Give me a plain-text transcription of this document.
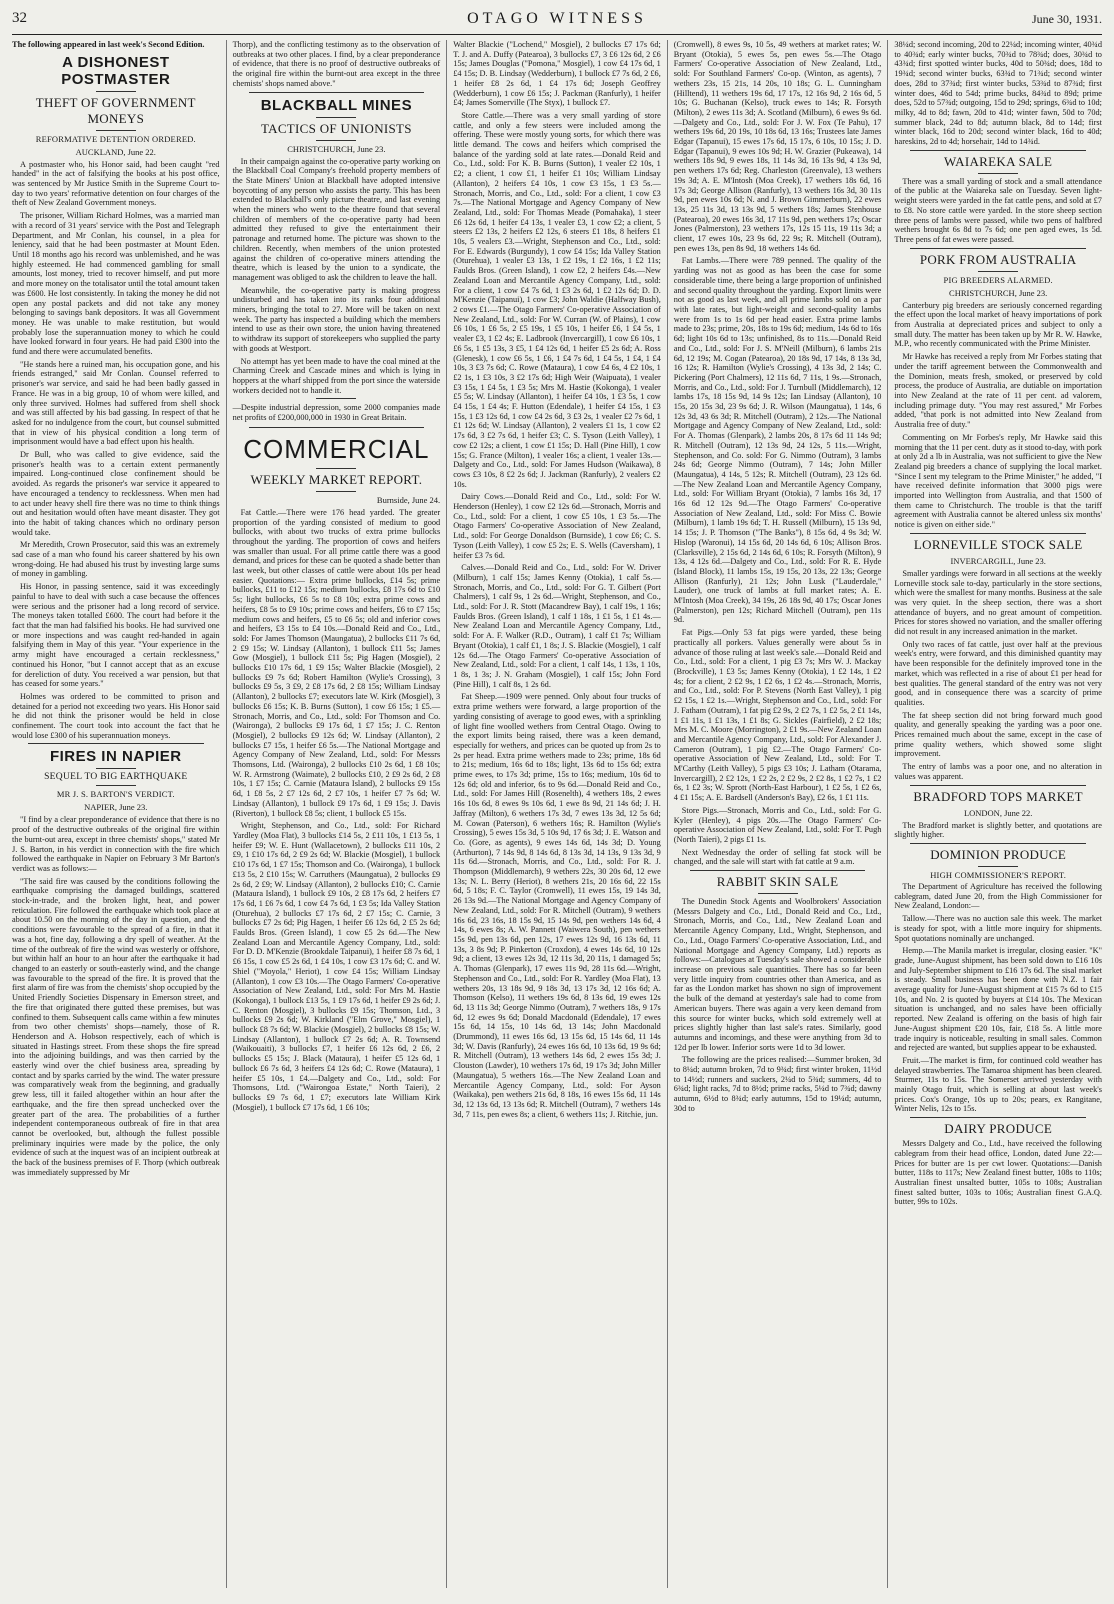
32	OTAGO WITNESS	June 30, 1931.
The following appeared in last week's Second Edition.
A DISHONEST POSTMASTER
THEFT OF GOVERNMENT MONEYS
REFORMATIVE DETENTION ORDERED.
AUCKLAND, June 22.

A postmaster who, his Honor said, had been caught "red handed" in the act of falsifying the books at his post office, was sentenced by Mr Justice Smith in the Supreme Court to-day to two years' reformative detention on four charges of the theft of New Zealand Government moneys.

The prisoner, William Richard Holmes, was a married man with a record of 31 years' service with the Post and Telegraph Department, and Mr Conlan, his counsel, in a plea for leniency, said that he had been postmaster at Mount Eden. Until 18 months ago his record was unblemished, and he was highly esteemed. He had commenced gambling for small amounts, lost money, tried to recover himself, and put more and more money on the totalisator until the total amount taken was £600. He lost consistently. In taking the money he did not open any postal packets and did not take any money belonging to savings bank depositors. It was all Government money. He was unable to make restitution, but would probably lose the superannuation money to which he could have looked forward in four years. He had paid £300 into the fund and there were accumulated benefits.

"He stands here a ruined man, his occupation gone, and his friends estranged," said Mr Conlan. Counsel referred to prisoner's war service, and said he had been badly gassed in France. He was in a big group, 10 of whom were killed, and only three survived. Holmes had suffered from shell shock and was still affected by his bad gassing. In respect of that he asked for no indulgence from the court, but counsel submitted that in view of his physical condition a long term of imprisonment would have a bad effect upon his health.

Dr Bull, who was called to give evidence, said the prisoner's health was to a certain extent permanently impaired. Long-continued close confinement should be avoided. As regards the prisoner's war service it appeared to have encouraged a tendency to recklessness. When men had to act under heavy shell fire there was no time to think things out and hesitation would often have meant disaster. They got into the habit of taking chances which no ordinary person would take.

Mr Meredith, Crown Prosecutor, said this was an extremely sad case of a man who found his career shattered by his own wrong-doing. He had abused his trust by investing large sums of money in gambling.

His Honor, in passing sentence, said it was exceedingly painful to have to deal with such a case because the offences were serious and the prisoner had a long record of service. The moneys taken totalled £600. The court had before it the fact that the man had falsified his books. He had survived one or more inspections and was caught red-handed in again falsifying them in May of this year. "Your experience in the army might have encouraged a certain recklessness," continued his Honor, "but I cannot accept that as an excuse for dereliction of duty. You received a war pension, but that has ceased for some years."

Holmes was ordered to be committed to prison and detained for a period not exceeding two years. His Honor said he did not think the prisoner would be held in close confinement. The court took into account the fact that he would lose £300 of his superannuation moneys.

FIRES IN NAPIER
SEQUEL TO BIG EARTHQUAKE
MR J. S. BARTON'S VERDICT.
NAPIER, June 23.

"I find by a clear preponderance of evidence that there is no proof of the destructive outbreaks of the original fire within the burnt-out area, except in three chemists' shops," stated Mr J. S. Barton, in his verdict in connection with the fire which followed the earthquake in Napier on February 3 Mr Barton's verdict was as follows:—

"The said fire was caused by the conditions following the earthquake comprising the damaged buildings, scattered stock-in-trade, and the broken light, heat, and power reticulation. Fire followed the earthquake which took place at about 10.50 on the morning of the day in question, and the conditions were favourable to the spread of a fire, in that it was a hot, fine day, following a dry spell of weather. At the time of the outbreak of fire the wind was westerly or offshore, but within half an hour to an hour after the earthquake it had changed to an easterly or south-easterly wind, and the change was favourable to the spread of the fire. It is proved that the first alarm of fire was from the chemists' shop occupied by the United Friendly Societies Dispensary in Emerson street, and the fire that originated there gutted these premises, but was confined to them. Subsequent calls came within a few minutes from two other chemists' shops—namely, those of R. Henderson and A. Hobson respectively, each of which is situated in Hastings street. From these shops the fire spread into the adjoining buildings, and was then carried by the easterly wind over the chief business area, spreading by contact and by sparks carried by the wind. The water pressure was comparatively weak from the beginning, and gradually grew less, till it failed altogether within an hour after the earthquake, and the fire then spread unchecked over the greater part of the area. The probabilities of a further independent contemporaneous outbreak of fire in that area cannot be overlooked, but, although the fullest possible preliminary inquiries were made by the police, the only evidence of such at the inquest was of an incipient outbreak at the back of the business premises of F. Thorp (which outbreak was immediately suppressed by Mr

Thorp), and the conflicting testimony as to the observation of outbreaks at two other places. I find, by a clear preponderance of evidence, that there is no proof of destructive outbreaks of the original fire within the burnt-out area except in the three chemists' shops named above."

BLACKBALL MINES
TACTICS OF UNIONISTS
CHRISTCHURCH, June 23.

In their campaign against the co-operative party working on the Blackball Coal Company's freehold property members of the State Miners' Union at Blackball have adopted intensive boycotting of any person who assists the party. This has been extended to Blackball's only picture theatre, and last evening when the miners who went to the theatre found that several children of members of the co-operative party had been admitted they refused to give the entertainment their patronage and returned home. The picture was shown to the children. Recently, when members of the union protested against the children of co-operative miners attending the theatre, which is leased by the union to a syndicate, the management was obliged to ask the children to leave the hall.

Meanwhile, the co-operative party is making progress undisturbed and has taken into its ranks four additional miners, bringing the total to 27. More will be taken on next week. The party has inspected a building which the members intend to use as their own store, the union having threatened to withdraw its support of storekeepers who supplied the party with goods at Westport.

No attempt has yet been made to have the coal mined at the Charming Creek and Cascade mines and which is lying in hoppers at the wharf shipped from the port since the waterside workers decided not to handle it.

—Despite industrial depression, some 2000 companies made net profits of £200,000,000 in 1930 in Great Britain.

COMMERCIAL
WEEKLY MARKET REPORT.
Burnside, June 24.

Fat Cattle.—There were 176 head yarded. The greater proportion of the yarding consisted of medium to good bullocks, with about two trucks of extra prime bullocks throughout the yarding. The proportion of cows and heifers was smaller than usual. For all prime cattle there was a good demand, and prices for these can be quoted a shade better than last week, but other classes of cattle were about 10s per head easier. Quotations:— Extra prime bullocks, £14 5s; prime bullocks, £11 to £12 15s; medium bullocks, £8 17s 6d to £10 5s; light bullocks, £6 5s to £8 10s; extra prime cows and heifers, £8 5s to £9 10s; prime cows and heifers, £6 to £7 15s; medium cows and heifers, £5 to £6 5s; old and inferior cows and heifers, £3 15s to £4 10s.—Donald Reid and Co., Ltd., sold: For James Thomson (Maungatua), 2 bullocks £11 7s 6d, 2 £9 15s; W. Lindsay (Allanton), 1 bullock £11 5s; James Gow (Mosgiel), 1 bullock £11 5s; Pig Hagen (Mosgiel), 2 bullocks £10 17s 6d, 1 £9 15s; Walter Blackie (Mosgiel), 2 bullocks £9 7s 6d; Robert Hamilton (Wylie's Crossing), 3 bullocks £9 5s, 3 £9, 2 £8 17s 6d, 2 £8 15s; William Lindsay (Allanton), 2 bullocks £7; executors late W. Kirk (Mosgiel), 3 bullocks £6 15s; K. B. Burns (Sutton), 1 cow £6 15s; 1 £5.—Stronach, Morris, and Co., Ltd., sold: For Thomson and Co. (Waironga), 2 bullocks £9 17s 6d, 1 £7 15s; J. C. Renton (Mosgiel), 2 bullocks £9 12s 6d; W. Lindsay (Allanton), 2 bullocks £7 15s, 1 heifer £6 5s.—The National Mortgage and Agency Company of New Zealand, Ltd., sold: For Messrs Thomsons, Ltd. (Waironga), 2 bullocks £10 2s 6d, 1 £8 10s; W. R. Armstrong (Waimate), 2 bullocks £10, 2 £9 2s 6d, 2 £8 10s, 1 £7 15s; C. Carnie (Mataura Island), 2 bullocks £9 15s 6d, 1 £8 5s, 2 £7 12s 6d, 2 £7 10s, 1 heifer £7 7s 6d; W. Lindsay (Allanton), 1 bullock £9 17s 6d, 1 £9 15s; J. Davis (Riverton), 1 bullock £8 5s; client, 1 bullock £5 15s.

Wright, Stephenson, and Co., Ltd., sold: For Richard Yardley (Moa Flat), 3 bullocks £14 5s, 2 £11 10s, 1 £13 5s, 1 heifer £9; W. E. Hunt (Wallacetown), 2 bullocks £11 10s, 2 £9, 1 £10 17s 6d, 2 £9 2s 6d; W. Blackie (Mosgiel), 1 bullock £10 17s 6d, 1 £7 15s; Thomson and Co. (Waironga), 1 bullock £13 5s, 2 £10 15s; W. Carruthers (Maungatua), 2 bullocks £9 2s 6d, 2 £9; W. Lindsay (Allanton), 2 bullocks £10; C. Carnie (Mataura Island), 1 bullock £9 10s, 2 £8 17s 6d, 2 heifers £7 17s 6d, 1 £6 7s 6d, 1 cow £4 7s 6d, 1 £3 5s; Ida Valley Station (Oturehua), 2 bullocks £7 17s 6d, 2 £7 15s; C. Carnie, 3 bullocks £7 2s 6d; Pig Hagen, 1 heifer £6 12s 6d, 2 £5 2s 6d; Faulds Bros. (Green Island), 1 cow £5 2s 6d.—The New Zealand Loan and Mercantile Agency Company, Ltd., sold: For D. D. M'Kenzie (Brookdale Taipanui), 1 heifer £8 7s 6d, 1 £6 15s, 1 cow £5 2s 6d, 1 £4 10s, 1 cow £3 17s 6d; C. and W. Shiel ("Moyola," Heriot), 1 cow £4 15s; William Lindsay (Allanton), 1 cow £3 10s.—The Otago Farmers' Co-operative Association of New Zealand, Ltd., sold: For Mrs M. Hastie (Kokonga), 1 bullock £13 5s, 1 £9 17s 6d, 1 heifer £9 2s 6d; J. C. Renton (Mosgiel), 3 bullocks £9 15s; Thomson, Ltd., 3 bullocks £9 2s 6d; W. Kirkland ("Elm Grove," Mosgiel), 1 bullock £8 7s 6d; W. Blackie (Mosgiel), 2 bullocks £8 15s; W. Lindsay (Allanton), 1 bullock £7 2s 6d; A. R. Townsend (Waikouaiti), 3 bullocks £7, 1 heifer £6 12s 6d, 2 £6, 2 bullocks £5 15s; J. Black (Mataura), 1 heifer £5 12s 6d, 1 bullock £6 7s 6d, 3 heifers £4 12s 6d; C. Rowe (Mataura), 1 heifer £5 10s, 1 £4.—Dalgety and Co., Ltd., sold: For Thomsons, Ltd. ("Wairongoa Estate," North Taieri), 2 bullocks £9 7s 6d, 1 £7; executors late William Kirk (Mosgiel), 1 bullock £7 17s 6d, 1 £6 10s;

Walter Blackie ("Lochend," Mosgiel), 2 bullocks £7 17s 6d; T. J. and A. Duffy (Patearoa), 3 bullocks £7, 3 £6 12s 6d, 2 £6 15s; James Douglas ("Pomona," Mosgiel), 1 cow £4 17s 6d, 1 £4 15s; D. B. Lindsay (Wedderburn), 1 bullock £7 7s 6d, 2 £6, 1 heifer £8 2s 6d, 1 £4 17s 6d; Joseph Geoffrey (Wedderburn), 1 cow £6 15s; J. Packman (Ranfurly), 1 heifer £4; James Somerville (The Styx), 1 bullock £7.

Store Cattle.—There was a very small yarding of store cattle, and only a few steers were included among the offering. These were mostly young sorts, for which there was little demand. The cows and heifers which comprised the balance of the yarding sold at late rates.—Donald Reid and Co., Ltd., sold: For K. B. Burns (Sutton), 1 vealer £2 10s, 1 £2; a client, 1 cow £1, 1 heifer £1 10s; William Lindsay (Allanton), 2 heifers £4 10s, 1 cow £3 15s, 1 £3 5s.—Stronach, Morris, and Co., Ltd., sold: For a client, 1 cow £3 7s.—The National Mortgage and Agency Company of New Zealand, Ltd., sold: For Thomas Meade (Pomahaka), 1 steer £6 12s 6d, 1 heifer £4 13s, 1 vealer £3, 1 cow £2; a client, 5 steers £2 13s, 2 heifers £2 12s, 6 steers £1 18s, 8 heifers £1 10s, 5 vealers £3.—Wright, Stephenson and Co., Ltd., sold: For E. Edwards (Burgundy), 1 cow £4 15s; Ida Valley Station (Oturehua), 1 vealer £3 13s, 1 £2 19s, 1 £2 16s, 1 £2 11s; Faulds Bros. (Green Island), 1 cow £2, 2 heifers £4s.—New Zealand Loan and Mercantile Agency Company, Ltd., sold: For a client, 1 cow £4 7s 6d, 1 £3 2s 6d, 1 £2 12s 6d; D. D. M'Kenzie (Taipanui), 1 cow £3; John Waldie (Halfway Bush), 2 cows £1.—The Otago Farmers' Co-operative Association of New Zealand, Ltd., sold: For W. Curran (W. of Plains), 1 cow £6 10s, 1 £6 5s, 2 £5 19s, 1 £5 10s, 1 heifer £6, 1 £4 5s, 1 vealer £3, 1 £2 4s; E. Ladbrook (Invercargill), 1 cow £6 10s, 1 £6 5s, 1 £5 13s, 3 £5, 1 £4 12s 6d, 1 heifer £5 2s 6d; A. Ross (Glenesk), 1 cow £6 5s, 1 £6, 1 £4 7s 6d, 1 £4 5s, 1 £4, 1 £4 10s, 3 £3 7s 6d; C. Rowe (Mataura), 1 cow £4 6s, 4 £2 10s, 1 £2 1s, 1 £3 10s, 3 £2 17s 6d; High Weir (Waipuata), 1 vealer £3 15s, 1 £4 5s, 1 £3 5s; Mrs M. Hastie (Kokonga), 1 vealer £5 5s; W. Lindsay (Allanton), 1 heifer £4 10s, 1 £3 5s, 1 cow £4 15s, 1 £4 4s; F. Hutton (Edendale), 1 heifer £4 15s, 1 £3 15s, 1 £3 12s 6d, 1 cow £4 2s 6d, 3 £3 2s, 1 vealer £2 7s 6d, 1 £1 12s 6d; W. Lindsay (Allanton), 2 vealers £1 1s, 1 cow £2 17s 6d, 3 £2 7s 6d, 1 heifer £3; C. S. Tyson (Leith Valley), 1 cow £2 12s; a client, 1 cow £1 15s; D. Hall (Pine Hill), 1 cow 15s; G. France (Milton), 1 vealer 16s; a client, 1 vealer 13s.—Dalgety and Co., Ltd., sold: For James Hudson (Waikawa), 8 cows £3 10s, 8 £2 2s 6d; J. Jackman (Ranfurly), 2 vealers £2 10s.

Dairy Cows.—Donald Reid and Co., Ltd., sold: For W. Henderson (Henley), 1 cow £2 12s 6d.—Stronach, Morris and Co., Ltd., sold: For a client, 1 cow £5 10s, 1 £3 5s.—The Otago Farmers' Co-operative Association of New Zealand, Ltd., sold: For George Donaldson (Burnside), 1 cow £6; C. S. Tyson (Leith Valley), 1 cow £5 2s; E. S. Wells (Caversham), 1 heifer £3 7s 6d.

Calves.—Donald Reid and Co., Ltd., sold: For W. Driver (Milburn), 1 calf 15s; James Kenny (Otokia), 1 calf 5s.—Stronach, Morris, and Co., Ltd., sold: For G. T. Gilbert (Port Chalmers), 1 calf 9s, 1 2s 6d.—Wright, Stephenson, and Co., Ltd., sold: For J. R. Stott (Macandrew Bay), 1 calf 19s, 1 16s; Faulds Bros. (Green Island), 1 calf 1 18s, 1 £1 5s, 1 £1 4s.—New Zealand Loan and Mercantile Agency Company, Ltd., sold: For A. F. Walker (R.D., Outram), 1 calf £1 7s; William Bryant (Otokia), 1 calf £1, 1 8s; J. S. Blackie (Mosgiel), 1 calf 12s 6d.—The Otago Farmers' Co-operative Association of New Zealand, Ltd., sold: For a client, 1 calf 14s, 1 13s, 1 10s, 1 8s, 1 3s; J. N. Graham (Mosgiel), 1 calf 15s; John Ford (Pine Hill), 1 calf 8s, 1 2s 6d.

Fat Sheep.—1909 were penned. Only about four trucks of extra prime wethers were forward, a large proportion of the yarding consisting of average to good ewes, with a sprinkling of light fine woolled wethers from Central Otago. Owing to the export limits being raised, there was a keen demand, especially for wethers, and prices can be quoted up from 2s to 2s per head. Extra prime wethers made to 23s; prime, 18s 6d to 21s; medium, 16s 6d to 18s; light, 13s 6d to 15s 6d; extra prime ewes, to 17s 3d; prime, 15s to 16s; medium, 10s 6d to 12s 6d; old and inferior, 6s to 9s 6d.—Donald Reid and Co., Ltd., sold: For James Hill (Rosenelth), 4 wethers 18s, 2 ewes 16s 10s 6d, 8 ewes 9s 10s 6d, 1 ewe 8s 9d, 21 14s 6d; J. H. Jaffray (Milton), 6 wethers 17s 3d, 7 ewes 13s 3d, 12 5s 6d; M. Cowan (Paterson), 6 wethers 16s; R. Hamilton (Wylie's Crossing), 5 ewes 15s 3d, 5 10s 9d, 17 6s 3d; J. E. Watson and Co. (Gore, as agents), 9 ewes 14s 6d, 14s 3d; D. Young (Arthurton), 7 14s 9d, 8 14s 6d, 8 13s 3d, 14 13s, 9 13s 3d, 9 11s 6d.—Stronach, Morris, and Co., Ltd., sold: For R. J. Thompson (Middlemarch), 9 wethers 22s, 30 20s 6d, 12 ewe 13s; N. L. Berry (Heriot), 8 wethers 21s, 20 16s 6d, 22 15s 6d, 5 18s; F. C. Taylor (Cromwell), 11 ewes 15s, 19 14s 3d, 26 13s 9d.—The National Mortgage and Agency Company of New Zealand, Ltd., sold: For R. Mitchell (Outram), 9 wethers 16s 6d, 23 16s, 18 15s 9d, 15 14s 9d, pen wethers 14s 6d, 4 14s, 6 ewes 8s; A. W. Pannett (Waiwera South), pen wethers 15s 9d, pen 13s 6d, pen 12s, 17 ewes 12s 9d, 16 13s 6d, 11 13s, 3 8s 9d; P. Pinkerton (Croxdon), 4 ewes 14s 6d, 10 12s 9d; a client, 13 ewes 12s 3d, 12 11s 3d, 20 11s, 1 damaged 5s; A. Thomas (Glenpark), 17 ewes 11s 9d, 28 11s 6d.—Wright, Stephenson and Co., Ltd., sold: For R. Yardley (Moa Flat), 13 wethers 20s, 13 18s 9d, 9 18s 3d, 13 17s 3d, 12 16s 6d; A. Thomson (Kelso), 11 wethers 19s 6d, 8 13s 6d, 19 ewes 12s 6d, 13 11s 3d; George Nimmo (Outram), 7 wethers 18s, 9 17s 6d, 12 ewes 9s 6d; Donald Macdonald (Edendale), 17 ewes 15s 6d, 14 15s, 10 14s 6d, 13 14s; John Macdonald (Drummond), 11 ewes 16s 6d, 13 15s 6d, 15 14s 6d, 11 14s 3d; W. Davis (Ranfurly), 24 ewes 16s 6d, 10 13s 6d, 19 9s 6d; R. Mitchell (Outram), 13 wethers 14s 6d, 2 ewes 15s 3d; J. Clouston (Lawder), 10 wethers 17s 6d, 19 17s 3d; John Miller (Maungatua), 5 wethers 16s.—The New Zealand Loan and Mercantile Agency Company, Ltd., sold: For Ayson (Waikaka), pen wethers 21s 6d, 8 18s, 16 ewes 15s 6d, 11 14s 3d, 12 13s 6d, 13 13s 6d; R. Mitchell (Outram), 7 wethers 14s 3d, 7 11s, pen ewes 8s; a client, 6 wethers 11s; J. Ritchie, jun.

(Cromwell), 8 ewes 9s, 10 5s, 49 wethers at market rates; W. Bryant (Otokia), 5 ewes 5s, pen ewes 5s.—The Otago Farmers' Co-operative Association of New Zealand, Ltd., sold: For Southland Farmers' Co-op. (Winton, as agents), 7 wethers 23s, 15 21s, 14 20s, 10 18s; G. L. Cunningham (Hilltend), 11 wethers 19s 6d, 17 17s, 12 16s 9d, 2 16s 6d, 5 10s; G. Buchanan (Kelso), truck ewes to 14s; R. Forsyth (Milton), 2 ewes 11s 3d; A. Scotland (Milburn), 6 ewes 9s 6d.—Dalgety and Co., Ltd., sold: For J. W. Fox (Te Pahu), 17 wethers 19s 6d, 20 19s, 10 18s 6d, 13 16s; Trustees late James Edgar (Tapanui), 15 ewes 17s 6d, 15 17s, 6 10s, 10 15s; J. D. Edgar (Tapanui), 9 ewes 10s 9d; H. W. Grazier (Pukeawa), 14 wethers 18s 9d, 9 ewes 18s, 11 14s 3d, 16 13s 9d, 4 13s 9d, pen wethers 17s 6d; Reg. Charleston (Greenvale), 13 wethers 19s 3d; A. E. M'Intosh (Moa Creek), 17 wethers 18s 6d, 16 17s 3d; George Allison (Ranfurly), 13 wethers 16s 3d, 30 11s 9d, pen ewes 10s 6d; N. and J. Brown Gimmerburn), 22 ewes 13s, 25 11s 3d, 13 13s 9d, 5 wethers 18s; James Stenhouse (Patearoa), 20 ewes 16s 3d, 17 11s 9d, pen wethers 17s; Oscar Jones (Palmerston), 23 wethers 17s, 12s 15 11s, 19 11s 3d; a client, 17 ewes 10s, 23 9s 6d, 22 9s; R. Mitchell (Outram), pen ewes 13s, pen 8s 9d, 18 wethers 14s 6d.

Fat Lambs.—There were 789 penned. The quality of the yarding was not as good as has been the case for some considerable time, there being a large proportion of unfinished and second quality throughout the yarding. Export limits were not as good as last week, and all prime lambs sold on a par with late rates, but light-weight and second-quality lambs were from 1s to 1s 6d per head easier. Extra prime lambs made to 23s; prime, 20s, 18s to 19s 6d; medium, 14s 6d to 16s 6d; light 10s 6d to 13s; unfinished, 8s to 11s.—Donald Reid and Co., Ltd., sold: For J. S. M'Neill (Milburn), 6 lambs 21s 6d, 12 19s; M. Cogan (Patearoa), 20 18s 9d, 17 14s, 8 13s 3d, 16 12s; R. Hamilton (Wylie's Crossing), 4 13s 3d, 2 14s; C. Pickering (Port Chalmers), 12 11s 6d, 7 11s, 1 9s.—Stronach, Morris, and Co., Ltd., sold: For J. Turnbull (Middlemarch), 12 lambs 17s, 18 15s 9d, 14 9s 12s; Ian Lindsay (Allanton), 10 15s, 20 15s 3d, 23 9s 6d; J. R. Wilson (Maungatua), 1 14s, 6 12s 3d, 43 6s 3d; R. Mitchell (Outram), 2 12s.—The National Mortgage and Agency Company of New Zealand, Ltd., sold: For A. Thomas (Glenpark), 2 lambs 20s, 8 17s 6d 11 14s 9d; R. Mitchell (Outram), 12 13s 9d, 24 12s, 5 11s.—Wright, Stephenson, and Co. sold: For G. Nimmo (Outram), 3 lambs 24s 6d; George Nimmo (Outram), 7 14s; John Miller (Maungatua), 4 14s, 5 12s; R. Mitchell (Outram), 23 12s 6d.—The New Zealand Loan and Mercantile Agency Company, Ltd., sold: For William Bryant (Otokia), 7 lambs 16s 3d, 17 16s 6d 12 12s 9d.—The Otago Farmers' Co-operative Association of New Zealand, Ltd., sold: For Miss C. Bowie (Milburn), 1 lamb 19s 6d; T. H. Russell (Milburn), 15 13s 9d, 14 15s; J. P. Thomson ("The Banks"), 8 15s 6d, 4 9s 3d; W. Hislop (Waronui), 14 15s 6d, 20 14s 6d, 6 10s; Allison Bros. (Clarksville), 2 15s 6d, 2 14s 6d, 6 10s; R. Forsyth (Milton), 9 13s, 4 12s 6d.—Dalgety and Co., Ltd., sold: For R. E. Hyde (Island Block), 11 lambs 15s, 19 15s, 20 13s, 22 13s; George Allison (Ranfurly), 21 12s; John Lusk ("Lauderdale," Lauder), one truck of lambs at full market rates; A. E. M'Intosh (Moa Creek), 34 19s, 26 18s 9d, 40 17s; Oscar Jones (Palmerston), pen 12s; Richard Mitchell (Outram), pen 11s 9d.

Fat Pigs.—Only 53 fat pigs were yarded, these being practically all porkers. Values generally were about 5s in advance of those ruling at last week's sale.—Donald Reid and Co., Ltd., sold: For a client, 1 pig £3 7s; Mrs W. J. Mackay (Brockville), 1 £3 5s; James Kenny (Otokia), 1 £2 14s, 1 £2 4s; for a client, 2 £2 9s, 1 £2 6s, 1 £2 4s.—Stronach, Morris, and Co., Ltd., sold: For P. Stevens (North East Valley), 1 pig £2 15s, 1 £2 1s.—Wright, Stephenson and Co., Ltd., sold: For J. Fatham (Outram), 1 fat pig £2 9s, 2 £2 7s, 1 £2 5s, 2 £1 14s, 1 £1 11s, 1 £1 13s, 1 £1 8s; G. Sickles (Fairfield), 2 £2 18s; Mrs M. C. Moore (Morrington), 2 £1 9s.—New Zealand Loan and Mercantile Agency Company, Ltd., sold: For Alexander J. Cameron (Outram), 1 pig £2.—The Otago Farmers' Co-operative Association of New Zealand, Ltd., sold: For T. M'Carthy (Leith Valley), 5 pigs £3 10s; J. Latham (Otarama, Invercargill), 2 £2 12s, 1 £2 2s, 2 £2 9s, 2 £2 8s, 1 £2 7s, 1 £2 6s, 1 £2 3s; W. Sprott (North-East Harbour), 1 £2 5s, 1 £2 6s, 4 £1 15s; A. E. Bardsell (Anderson's Bay), £2 6s, 1 £1 11s.

Store Pigs.—Stronach, Morris and Co., Ltd., sold: For G. Kyler (Henley), 4 pigs 20s.—The Otago Farmers' Co-operative Association of New Zealand, Ltd., sold: For T. Pugh (North Taieri), 2 pigs £1 1s.

Next Wednesday the order of selling fat stock will be changed, and the sale will start with fat cattle at 9 a.m.

RABBIT SKIN SALE

The Dunedin Stock Agents and Woolbrokers' Association (Messrs Dalgety and Co., Ltd., Donald Reid and Co., Ltd., Stronach, Morris, and Co., Ltd., New Zealand Loan and Mercantile Agency Company, Ltd., Wright, Stephenson, and Co., Ltd., Otago Farmers' Co-operative Association, Ltd., and National Mortgage and Agency Company, Ltd.) reports as follows:—Catalogues at Tuesday's sale showed a considerable increase on previous sale quantities. There has so far been very little inquiry from countries other than America, and as far as the London market has shown no sign of improvement the bulk of the demand at yesterday's sale had to come from American buyers. There was again a very keen demand from this source for winter bucks, which sold extremely well at prices slightly higher than last sale's rates. Similarly, good autumns and incomings, and these were anything from 3d to 12d per lb lower. Inferior sorts were 1d to 3d lower.

The following are the prices realised:—Summer broken, 3d to 8¼d; autumn broken, 7d to 9¾d; first winter broken, 11½d to 14½d; runners and suckers, 2¼d to 5¾d; summers, 4d to 6¾d; light racks, 7d to 8½d; prime racks, 5¼d to 7¾d; dawny autumn, 6½d to 8¾d; early autumns, 15d to 19¼d; autumn, 30d to

38¼d; second incoming, 20d to 22¼d; incoming winter, 40¾d to 40¾d; early winter bucks, 70¾d to 78¾d; does, 30¾d to 43¾d; first spotted winter bucks, 40d to 50¾d; does, 18d to 19¾d; second winter bucks, 63¾d to 71¾d; second winter does, 28d to 37¾d; first winter bucks, 53¾d to 87¾d; first winter does, 46d to 54d; prime bucks, 84¾d to 89d; prime does, 52d to 57¾d; outgoing, 15d to 29d; springs, 6¾d to 10d; milky, 4d to 8d; fawn, 20d to 41d; winter fawn, 50d to 70d; summer black, 24d to 8d; autumn black, 8d to 14d; first winter black, 16d to 20d; second winter black, 16d to 40d; hareskins, 2d to 4d; horsehair, 14d to 14¾d.

WAIAREKA SALE

There was a small yarding of stock and a small attendance of the public at the Waiareka sale on Tuesday. Seven light-weight steers were yarded in the fat cattle pens, and sold at £7 to £8. No store cattle were yarded. In the store sheep section three pens of lambs were passed, while two pens of halfbred wethers brought 6s 8d to 7s 6d; one pen aged ewes, 1s 5d. Three pens of fat ewes were passed.

PORK FROM AUSTRALIA
PIG BREEDERS ALARMED.
CHRISTCHURCH, June 23.

Canterbury pig breeders are seriously concerned regarding the effect upon the local market of heavy importations of pork from Australia at depreciated prices and subject to only a small duty. The matter has been taken up by Mr R. W. Hawke, M.P., who recently communicated with the Prime Minister.

Mr Hawke has received a reply from Mr Forbes stating that under the tariff agreement between the Commonwealth and the Dominion, meats fresh, smoked, or preserved by cold process, the produce of Australia, are dutiable on importation into New Zealand at the rate of 11 per cent. ad valorem, including primage duty. "You may rest assured," Mr Forbes added, "that pork is not admitted into New Zealand from Australia free of duty."

Commenting on Mr Forbes's reply, Mr Hawke said this morning that the 11 per cent. duty as it stood to-day, with pork at only 2d a lb in Australia, was not sufficient to give the New Zealand pig breeders a chance of supplying the local market. "Since I sent my telegram to the Prime Minister," he added, "I have received definite information that 3000 pigs were imported into Wellington from Australia, and that 1500 of them came to Christchurch. The trouble is that the tariff agreement with Australia cannot be altered unless six months' notice is given on either side."

LORNEVILLE STOCK SALE
INVERCARGILL, June 23.

Smaller yardings were forward in all sections at the weekly Lorneville stock sale to-day, particularly in the store sections, which were the smallest for many months. Business at the sale was very quiet. In the sheep section, there was a short attendance of buyers, and no great amount of competition. Prices for stores showed no variation, and the smaller offering did not result in any increased animation in the market.

Only two races of fat cattle, just over half at the previous week's entry, were forward, and this diminished quantity may have been responsible for the definitely improved tone in the market, which was reflected in a rise of about £1 per head for best qualities. The general standard of the entry was not very good, and in consequence there was a scarcity of prime qualities.

The fat sheep section did not bring forward much good quality, and generally speaking the yarding was a poor one. Prices remained much about the same, except in the case of prime quality wethers, which showed some slight improvement.

The entry of lambs was a poor one, and no alteration in values was apparent.

BRADFORD TOPS MARKET
LONDON, June 22.

The Bradford market is slightly better, and quotations are slightly higher.

DOMINION PRODUCE
HIGH COMMISSIONER'S REPORT.

The Department of Agriculture has received the following cablegram, dated June 20, from the High Commissioner for New Zealand, London:—

Tallow.—There was no auction sale this week. The market is steady for spot, with a little more inquiry for shipments. Spot quotations nominally are unchanged.

Hemp.—The Manila market is irregular, closing easier. "K" grade, June-August shipment, has been sold down to £16 10s and July-September shipment to £16 17s 6d. The sisal market is steady. Small business has been done with N.Z. 1 fair average quality for June-August shipment at £15 7s 6d to £15 10s, and No. 2 is quoted by buyers at £14 10s. The Mexican situation is unchanged, and no sales have been officially reported. New Zealand is offering on the basis of high fair June-August shipment £20 10s, fair, £18 5s. A little more trade inquiry is noticeable, resulting in small sales. Common and rejected are wanted, but supplies appear to be exhausted.

Fruit.—The market is firm, for continued cold weather has delayed strawberries. The Tamaroa shipment has been cleared. Sturmer, 11s to 15s. The Somerset arrived yesterday with mainly Otago fruit, which is selling at about last week's prices. Cox's Orange, 10s up to 20s; pears, ex Rangitane, Winter Nelis, 12s to 15s.

DAIRY PRODUCE

Messrs Dalgety and Co., Ltd., have received the following cablegram from their head office, London, dated June 22:—Prices for butter are 1s per cwt lower. Quotations:—Danish butter, 118s to 117s; New Zealand finest butter, 108s to 110s; Australian finest unsalted butter, 105s to 108s; Australian finest salted butter, 103s to 106s; Australian finest G.A.Q. butter, 99s to 102s.
